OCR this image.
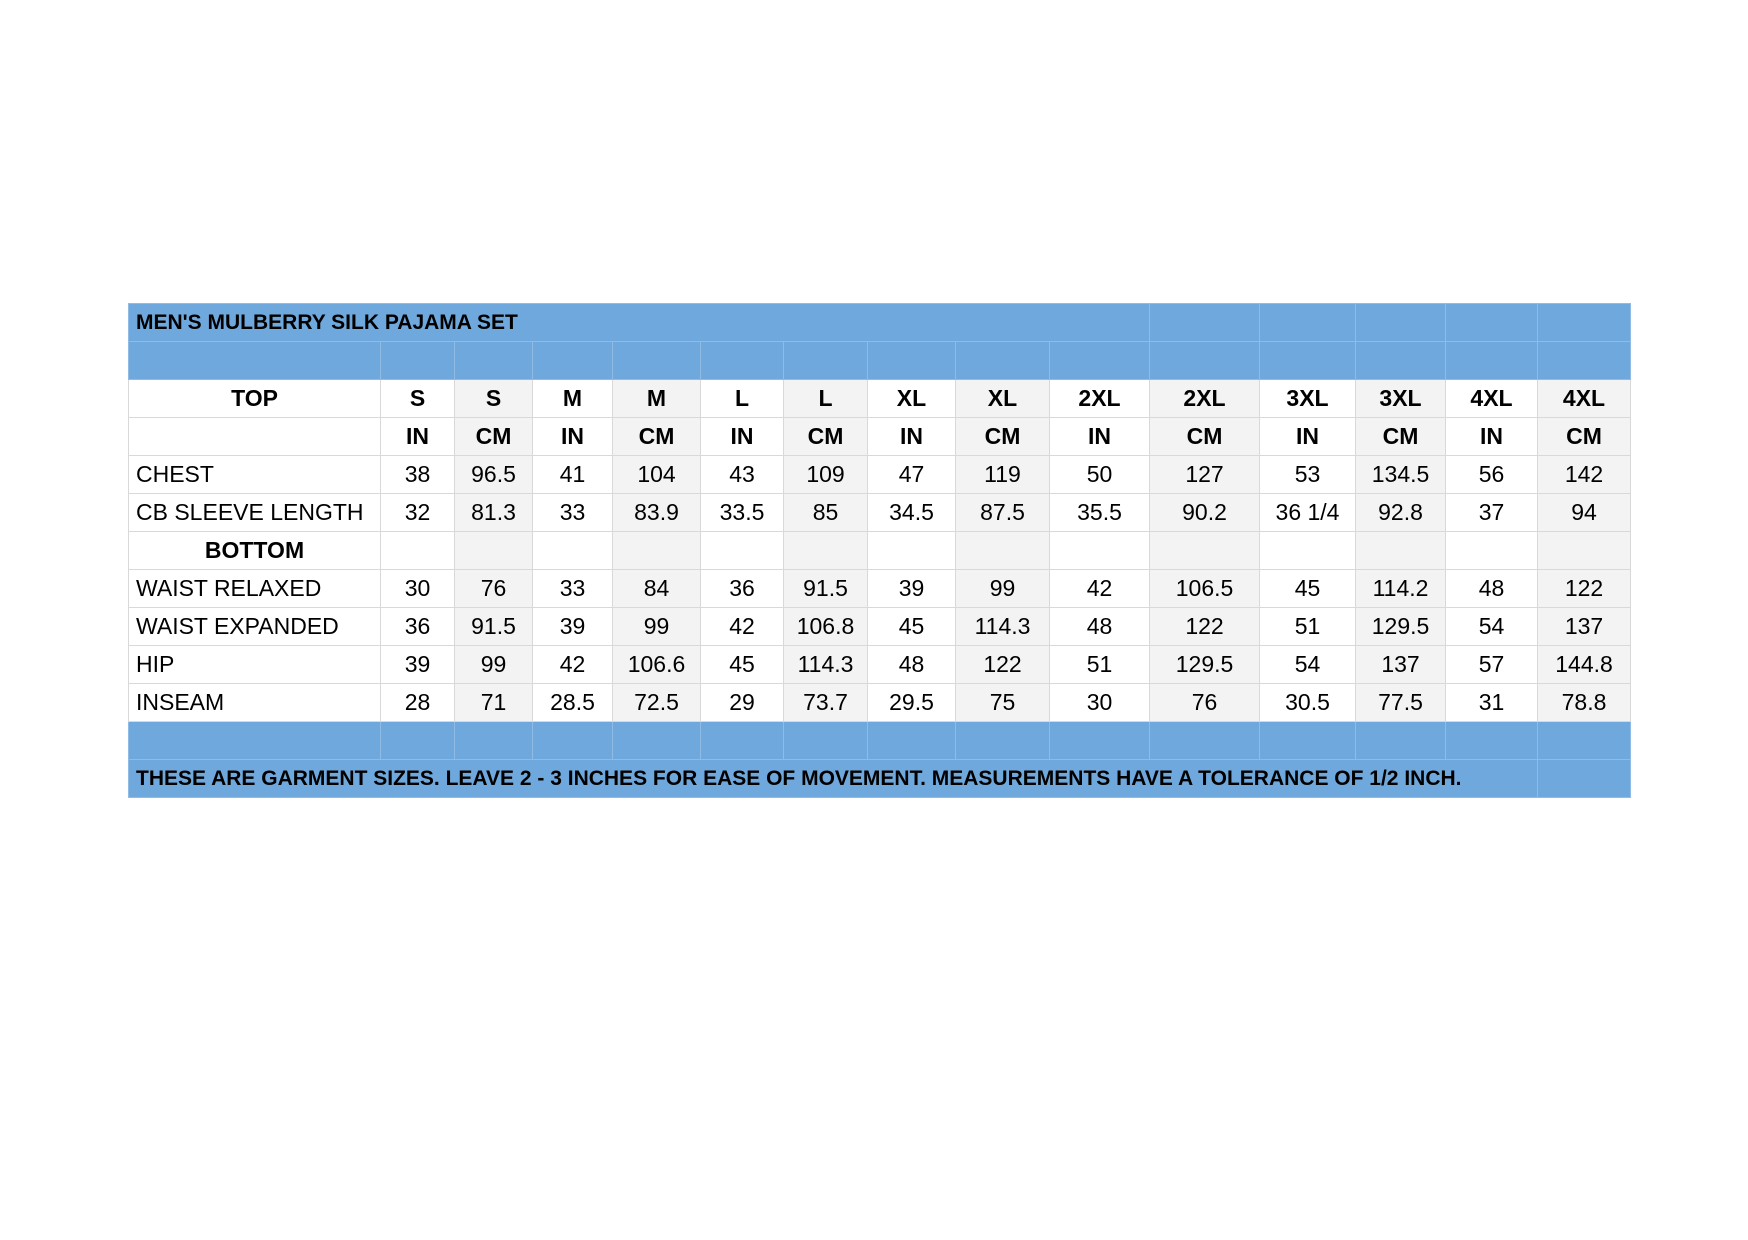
MEN'S MULBERRY SILK PAJAMA SET														

TOP	S	S	M	M	L	L	XL	XL	2XL	2XL	3XL	3XL	4XL	4XL
	IN	CM	IN	CM	IN	CM	IN	CM	IN	CM	IN	CM	IN	CM
CHEST	38	96.5	41	104	43	109	47	119	50	127	53	134.5	56	142
CB SLEEVE LENGTH	32	81.3	33	83.9	33.5	85	34.5	87.5	35.5	90.2	36 1/4	92.8	37	94
BOTTOM														
WAIST RELAXED	30	76	33	84	36	91.5	39	99	42	106.5	45	114.2	48	122
WAIST EXPANDED	36	91.5	39	99	42	106.8	45	114.3	48	122	51	129.5	54	137
HIP	39	99	42	106.6	45	114.3	48	122	51	129.5	54	137	57	144.8
INSEAM	28	71	28.5	72.5	29	73.7	29.5	75	30	76	30.5	77.5	31	78.8

THESE ARE GARMENT SIZES. LEAVE 2 - 3 INCHES FOR EASE OF MOVEMENT. MEASUREMENTS HAVE A TOLERANCE OF 1/2 INCH.														
